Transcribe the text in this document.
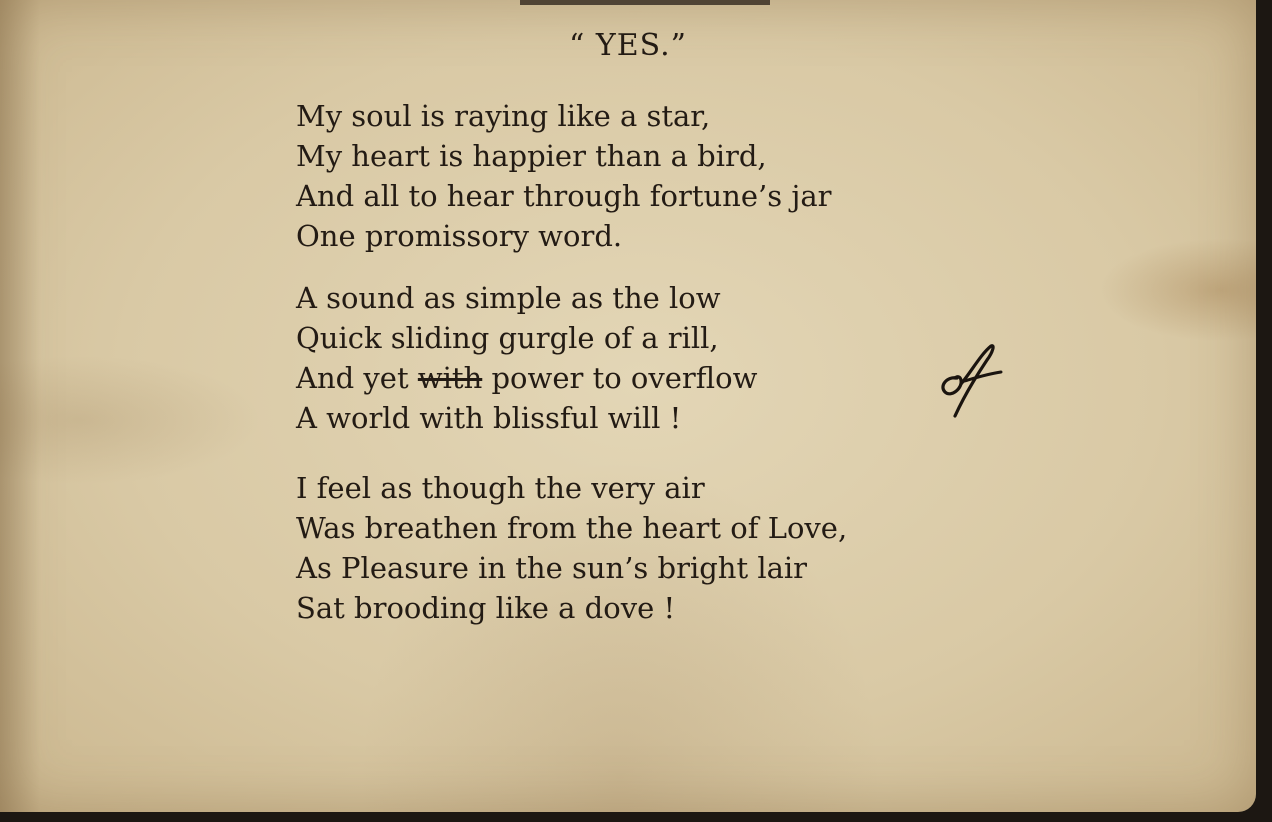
“ YES.”
My soul is raying like a star,
My heart is happier than a bird,
And all to hear through fortune’s jar
One promissory word.
A sound as simple as the low
Quick sliding gurgle of a rill,
And yet with power to overflow
A world with blissful will !
I feel as though the very air
Was breathen from the heart of Love,
As Pleasure in the sun’s bright lair
Sat brooding like a dove !
